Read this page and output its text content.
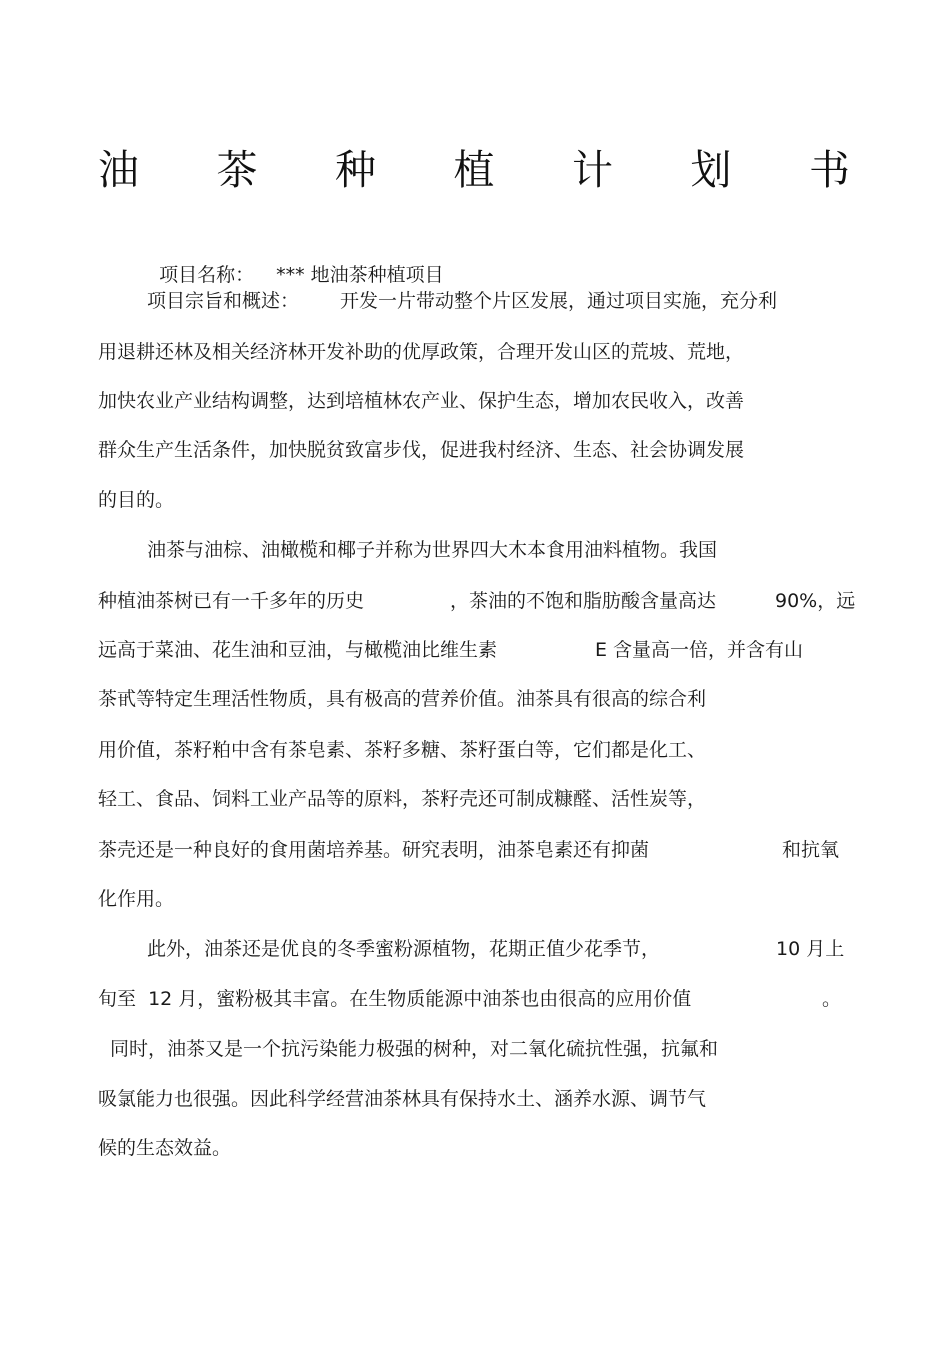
油 茶 种 植 计 划 书

项目名称： *** 地油茶种植项目

项目宗旨和概述： 开发一片带动整个片区发展，通过项目实施，充分利
用退耕还林及相关经济林开发补助的优厚政策，合理开发山区的荒坡、荒地，
加快农业产业结构调整，达到培植林农产业、保护生态，增加农民收入，改善
群众生产生活条件，加快脱贫致富步伐，促进我村经济、生态、社会协调发展
的目的。
油茶与油棕、油橄榄和椰子并称为世界四大木本食用油料植物。我国
种植油茶树已有一千多年的历史	，茶油的不饱和脂肪酸含量高达	90%，远
远高于菜油、花生油和豆油，与橄榄油比维生素	E 含量高一倍，并含有山
茶甙等特定生理活性物质，具有极高的营养价值。油茶具有很高的综合利
用价值，茶籽粕中含有茶皂素、茶籽多糖、茶籽蛋白等，它们都是化工、
轻工、食品、饲料工业产品等的原料，茶籽壳还可制成糠醛、活性炭等，
茶壳还是一种良好的食用菌培养基。研究表明，油茶皂素还有抑菌	和抗氧
化作用。
此外，油茶还是优良的冬季蜜粉源植物，花期正值少花季节，	10 月上
旬至  12 月，蜜粉极其丰富。在生物质能源中油茶也由很高的应用价值	。
同时，油茶又是一个抗污染能力极强的树种，对二氧化硫抗性强，抗氟和
吸氯能力也很强。因此科学经营油茶林具有保持水土、涵养水源、调节气
候的生态效益。
